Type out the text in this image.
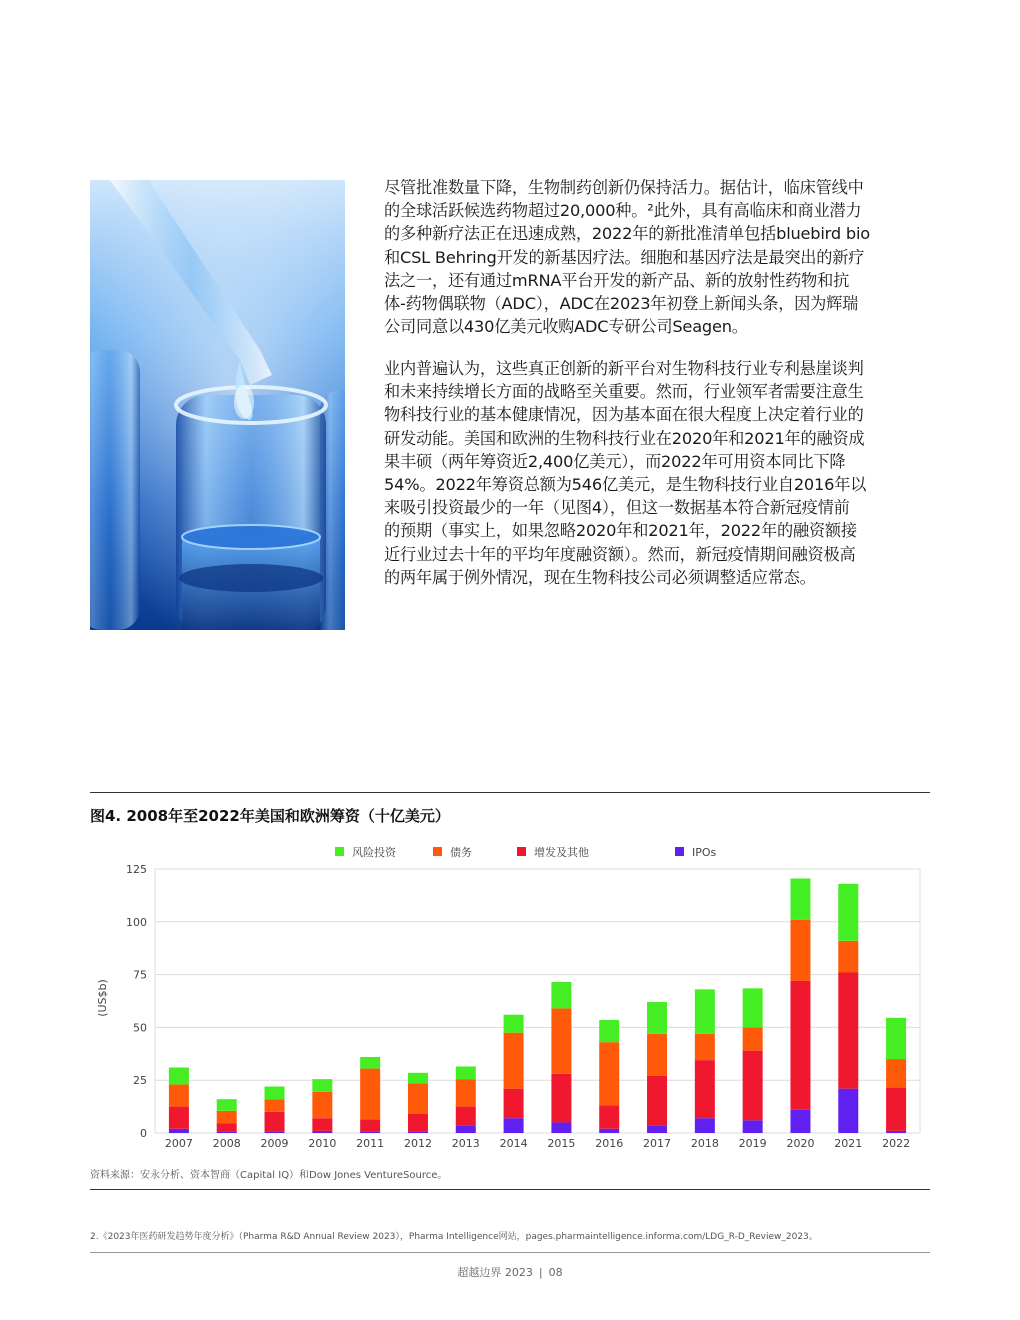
尽管批准数量下降，生物制药创新仍保持活力。据估计，临床管线中
的全球活跃候选药物超过20,000种。²此外，具有高临床和商业潜力
的多种新疗法正在迅速成熟，2022年的新批准清单包括bluebird bio
和CSL Behring开发的新基因疗法。细胞和基因疗法是最突出的新疗
法之一，还有通过mRNA平台开发的新产品、新的放射性药物和抗
体-药物偶联物（ADC），ADC在2023年初登上新闻头条，因为辉瑞
公司同意以430亿美元收购ADC专研公司Seagen。

业内普遍认为，这些真正创新的新平台对生物科技行业专利悬崖谈判
和未来持续增长方面的战略至关重要。然而，行业领军者需要注意生
物科技行业的基本健康情况，因为基本面在很大程度上决定着行业的
研发动能。美国和欧洲的生物科技行业在2020年和2021年的融资成
果丰硕（两年筹资近2,400亿美元），而2022年可用资本同比下降
54%。2022年筹资总额为546亿美元，是生物科技行业自2016年以
来吸引投资最少的一年（见图4），但这一数据基本符合新冠疫情前
的预期（事实上，如果忽略2020年和2021年，2022年的融资额接
近行业过去十年的平均年度融资额）。然而，新冠疫情期间融资极高
的两年属于例外情况，现在生物科技公司必须调整适应常态。

图4. 2008年至2022年美国和欧洲筹资（十亿美元）
0
25
50
75
100
125
2007 2008 2009 2010 2011 2012 2013 2014 2015 2016 2017 2018 2019 2020 2021 2022
风险投资	债务	增发及其他	IPOs
(US$b)
资料来源：安永分析、资本智商（Capital IQ）和Dow Jones VentureSource。
2.《2023年医药研发趋势年度分析》（Pharma R&D Annual Review 2023），Pharma Intelligence网站，pages.pharmaintelligence.informa.com/LDG_R-D_Review_2023。
超越边界 2023 | 08
